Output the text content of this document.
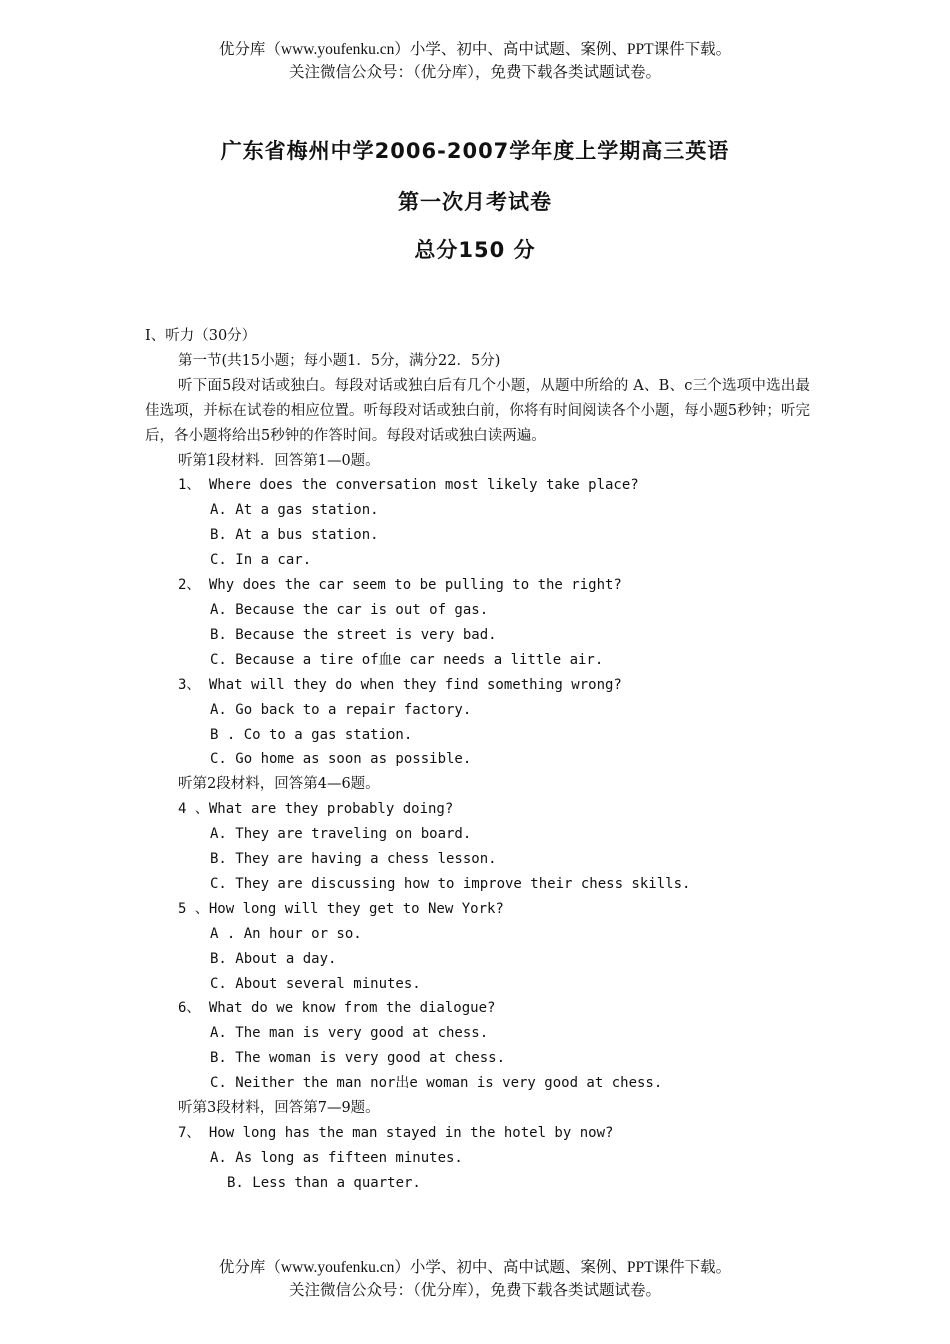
优分库（www.youfenku.cn）小学、初中、高中试题、案例、PPT课件下载。
关注微信公众号：（优分库），免费下载各类试题试卷。
广东省梅州中学2006-2007学年度上学期高三英语
第一次月考试卷
总分150 分
Ⅰ、听力（30分）
第一节(共15小题；每小题1．5分，满分22．5分)
听下面5段对话或独白。每段对话或独白后有几个小题，从题中所给的 A、B、c三个选项中选出最佳选项，并标在试卷的相应位置。听每段对话或独白前，你将有时间阅读各个小题，每小题5秒钟；听完后，各小题将给出5秒钟的作答时间。每段对话或独白读两遍。
听第1段材料．回答第1—0题。
1、 Where does the conversation most likely take place?
A. At a gas station.
B. At a bus station.
C. In a car.
2、 Why does the car seem to be pulling to the right?
A. Because the car is out of gas.
B. Because the street is very bad.
C. Because a tire of血e car needs a little air.
3、 What will they do when they find something wrong?
A. Go back to a repair factory.
B . Co to a gas station.
C. Go home as soon as possible.
听第2段材料，回答第4—6题。
4 、What are they probably doing?
A. They are traveling on board.
B. They are having a chess lesson.
C. They are discussing how to improve their chess skills.
5 、How long will they get to New York?
A . An hour or so.
B. About a day.
C. About several minutes.
6、 What do we know from the dialogue?
A. The man is very good at chess.
B. The woman is very good at chess.
C. Neither the man nor出e woman is very good at chess.
听第3段材料，回答第7—9题。
7、 How long has the man stayed in the hotel by now?
A. As long as fifteen minutes.
B. Less than a quarter.
优分库（www.youfenku.cn）小学、初中、高中试题、案例、PPT课件下载。
关注微信公众号：（优分库），免费下载各类试题试卷。
